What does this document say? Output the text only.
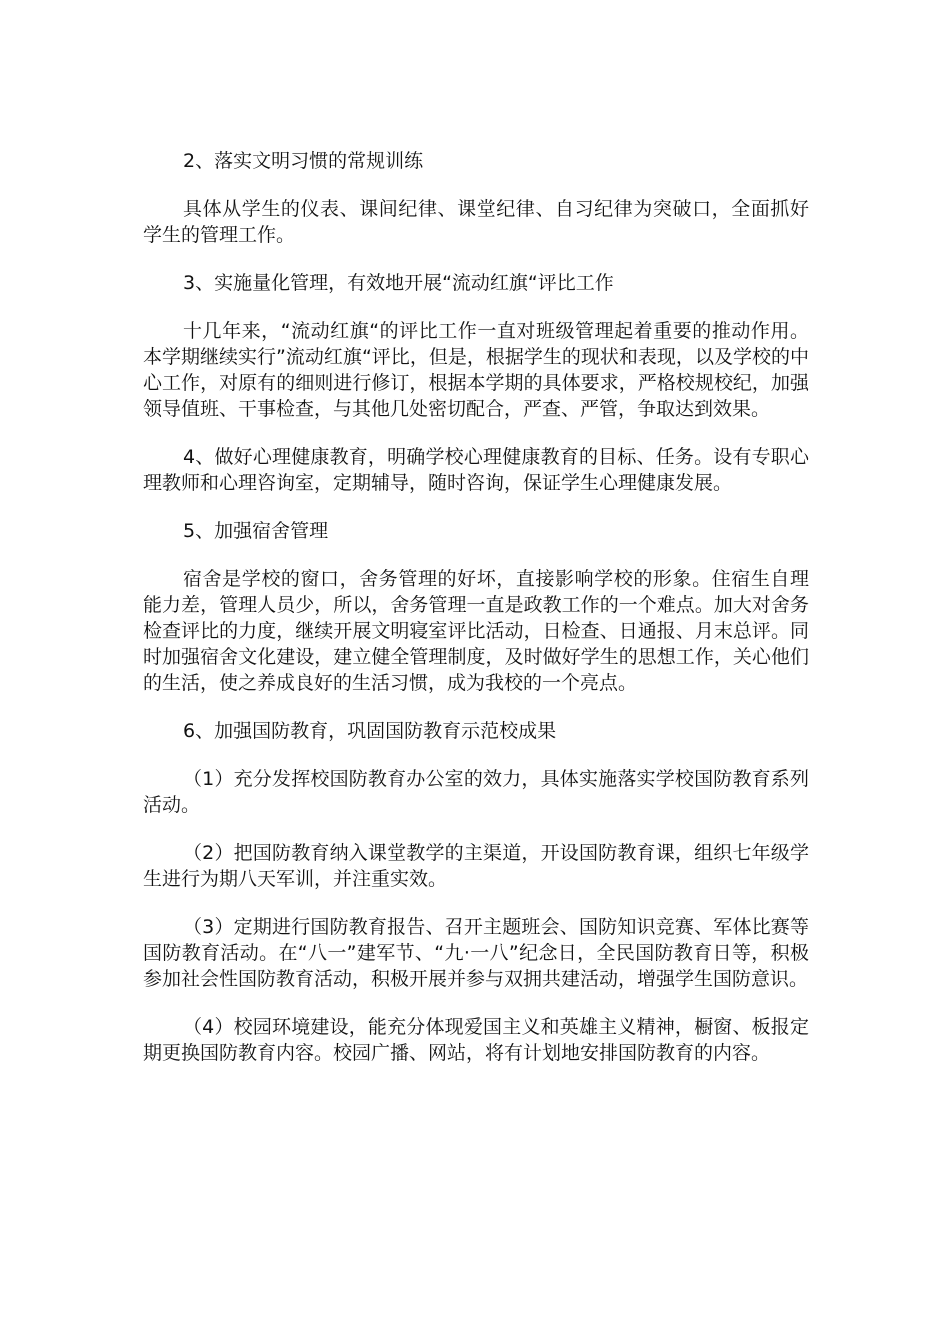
2、落实文明习惯的常规训练

具体从学生的仪表、课间纪律、课堂纪律、自习纪律为突破口，全面抓好学生的管理工作。

3、实施量化管理，有效地开展“流动红旗“评比工作

十几年来，“流动红旗“的评比工作一直对班级管理起着重要的推动作用。本学期继续实行”流动红旗“评比，但是，根据学生的现状和表现，以及学校的中心工作，对原有的细则进行修订，根据本学期的具体要求，严格校规校纪，加强领导值班、干事检查，与其他几处密切配合，严查、严管，争取达到效果。

4、做好心理健康教育，明确学校心理健康教育的目标、任务。设有专职心理教师和心理咨询室，定期辅导，随时咨询，保证学生心理健康发展。

5、加强宿舍管理

宿舍是学校的窗口，舍务管理的好坏，直接影响学校的形象。住宿生自理能力差，管理人员少，所以，舍务管理一直是政教工作的一个难点。加大对舍务检查评比的力度，继续开展文明寝室评比活动，日检查、日通报、月末总评。同时加强宿舍文化建设，建立健全管理制度，及时做好学生的思想工作，关心他们的生活，使之养成良好的生活习惯，成为我校的一个亮点。

6、加强国防教育，巩固国防教育示范校成果

（1）充分发挥校国防教育办公室的效力，具体实施落实学校国防教育系列活动。

（2）把国防教育纳入课堂教学的主渠道，开设国防教育课，组织七年级学生进行为期八天军训，并注重实效。

（3）定期进行国防教育报告、召开主题班会、国防知识竞赛、军体比赛等国防教育活动。在“八一”建军节、“九·一八”纪念日，全民国防教育日等，积极参加社会性国防教育活动，积极开展并参与双拥共建活动，增强学生国防意识。

（4）校园环境建设，能充分体现爱国主义和英雄主义精神，橱窗、板报定期更换国防教育内容。校园广播、网站，将有计划地安排国防教育的内容。
